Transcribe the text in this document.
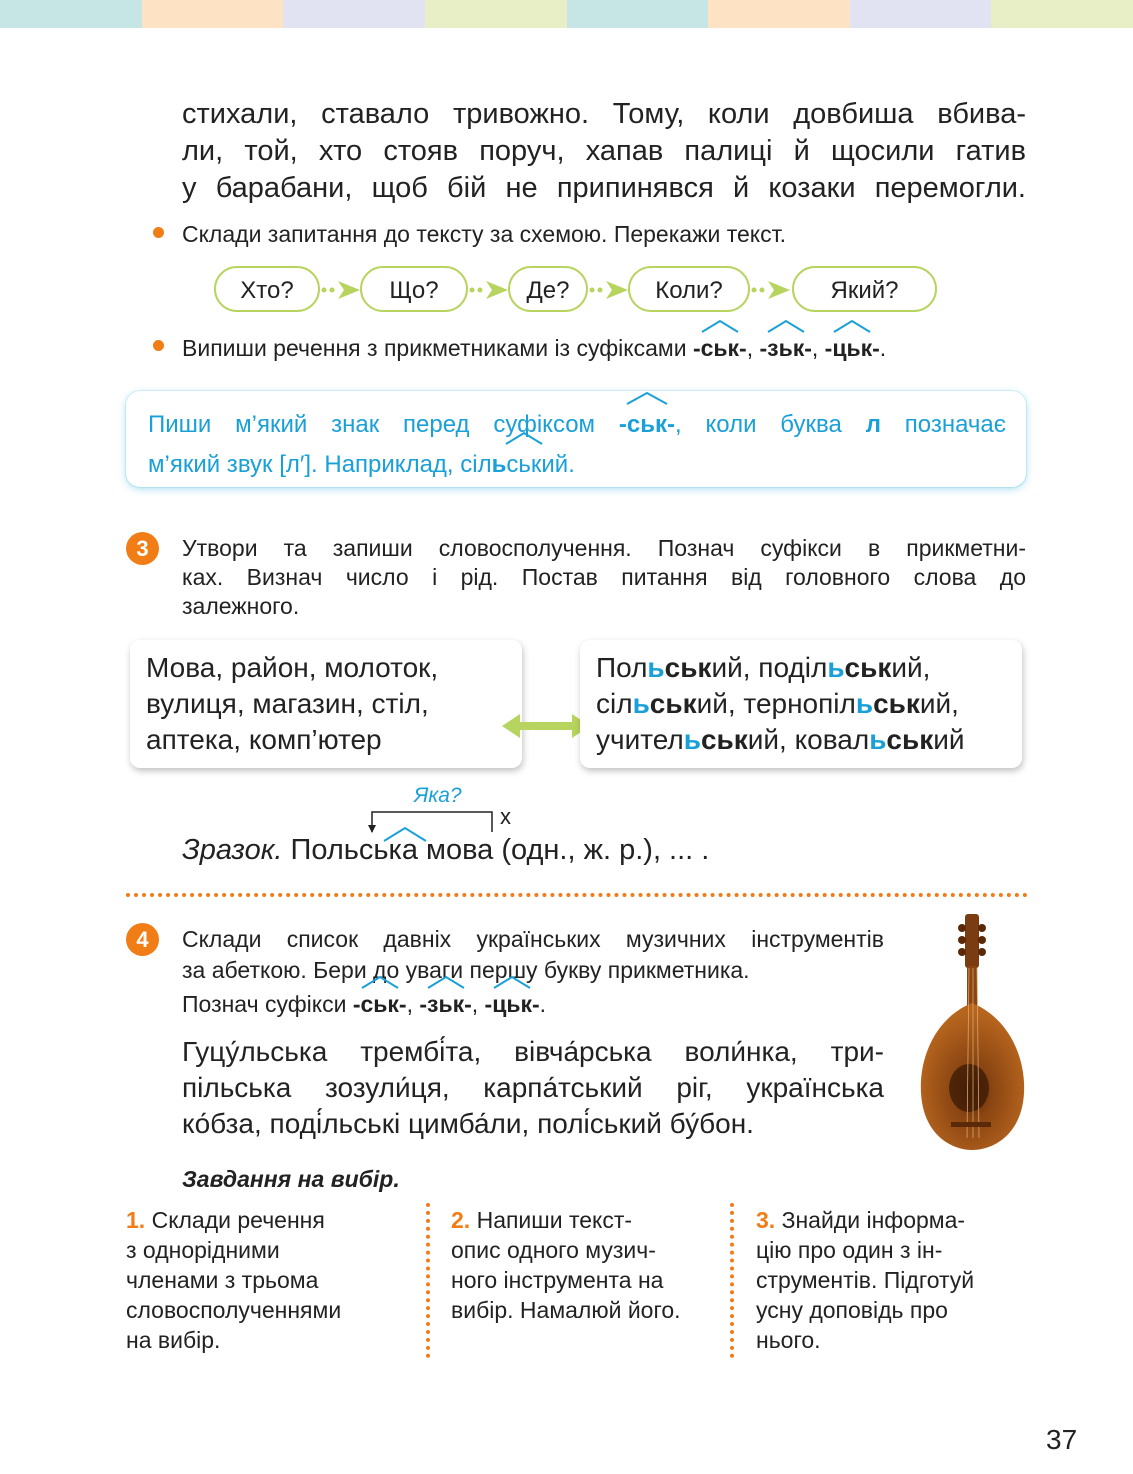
стихали, ставало тривожно. Тому, коли довбиша вбива-
ли, той, хто стояв поруч, хапав палиці й щосили гатив
у барабани, щоб бій не припинявся й козаки перемогли.
Склади запитання до тексту за схемою. Перекажи текст.
Хто?	Що?	Де?	Коли?	Який?
Випиши речення з прикметниками із суфіксами
-ськ-,
-зьк-,
-цьк-.
Пиши м’який знак перед суфіксом
-ськ-, коли буква л позначає
м’який звук [л′]. Наприклад, сіль
ський.
3	Утвори та запиши словосполучення. Познач суфікси в прикметни-
ках. Визнач число і рід. Постав питання від головного слова до
залежного.
Мова, район, молоток,
вулиця, магазин, стіл,
аптека, комп’ютер
Польський, подільський,
сільський, тернопільський,
учительський, ковальський
Яка?
x
Зразок. Польська мова (одн., ж. р.), ... .
4	Склади список давніх українських музичних інструментів
за абеткою. Бери до уваги першу букву прикметника.
Познач суфікси
-ськ-,
-зьк-,
-цьк-.
Гуцу́льська трембі́та, вівча́рська воли́нка, три-
пільська зозули́ця, карпа́тський ріг, українська
ко́бза, поді́льські цимба́ли, полі́ський бу́бон.
Завдання на вибір.
1. Склади речення
з однорідними
членами з трьома
словосполученнями
на вибір.
2. Напиши текст-
опис одного музич-
ного інструмента на
вибір. Намалюй його.
3. Знайди інформа-
цію про один з ін-
струментів. Підготуй
усну доповідь про
нього.
37
